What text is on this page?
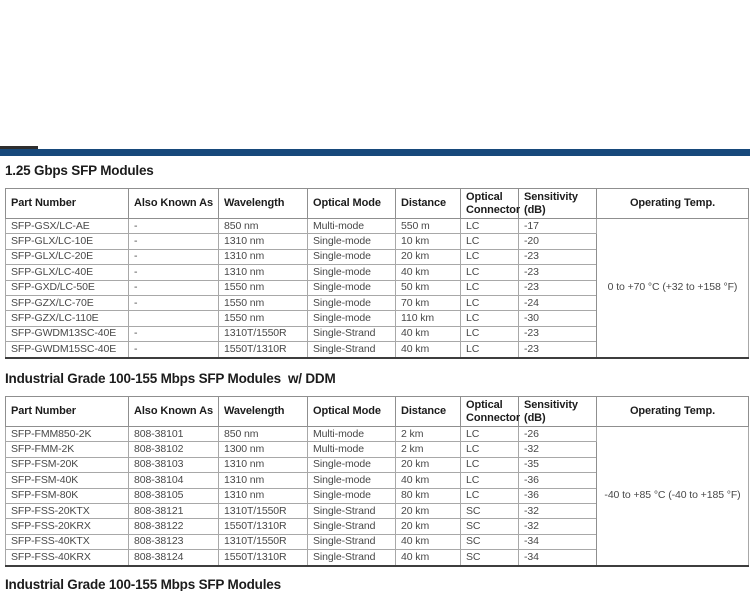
1.25 Gbps SFP Modules
Part Number	Also Known As	Wavelength	Optical Mode	Distance	Optical Connector	Sensitivity (dB)	Operating Temp.
SFP-GSX/LC-AE	-	850 nm	Multi-mode	550 m	LC	-17	0 to +70 °C (+32 to +158 °F)
SFP-GLX/LC-10E	-	1310 nm	Single-mode	10 km	LC	-20	
SFP-GLX/LC-20E	-	1310 nm	Single-mode	20 km	LC	-23	
SFP-GLX/LC-40E	-	1310 nm	Single-mode	40 km	LC	-23	
SFP-GXD/LC-50E	-	1550 nm	Single-mode	50 km	LC	-23	
SFP-GZX/LC-70E	-	1550 nm	Single-mode	70 km	LC	-24	
SFP-GZX/LC-110E		1550 nm	Single-mode	110 km	LC	-30	
SFP-GWDM13SC-40E	-	1310T/1550R	Single-Strand	40 km	LC	-23	
SFP-GWDM15SC-40E	-	1550T/1310R	Single-Strand	40 km	LC	-23	
Industrial Grade 100-155 Mbps SFP Modules  w/ DDM
Part Number	Also Known As	Wavelength	Optical Mode	Distance	Optical Connector	Sensitivity (dB)	Operating Temp.
SFP-FMM850-2K	808-38101	850 nm	Multi-mode	2 km	LC	-26	-40 to +85 °C (-40 to +185 °F)
SFP-FMM-2K	808-38102	1300 nm	Multi-mode	2 km	LC	-32	
SFP-FSM-20K	808-38103	1310 nm	Single-mode	20 km	LC	-35	
SFP-FSM-40K	808-38104	1310 nm	Single-mode	40 km	LC	-36	
SFP-FSM-80K	808-38105	1310 nm	Single-mode	80 km	LC	-36	
SFP-FSS-20KTX	808-38121	1310T/1550R	Single-Strand	20 km	SC	-32	
SFP-FSS-20KRX	808-38122	1550T/1310R	Single-Strand	20 km	SC	-32	
SFP-FSS-40KTX	808-38123	1310T/1550R	Single-Strand	40 km	SC	-34	
SFP-FSS-40KRX	808-38124	1550T/1310R	Single-Strand	40 km	SC	-34	
Industrial Grade 100-155 Mbps SFP Modules
